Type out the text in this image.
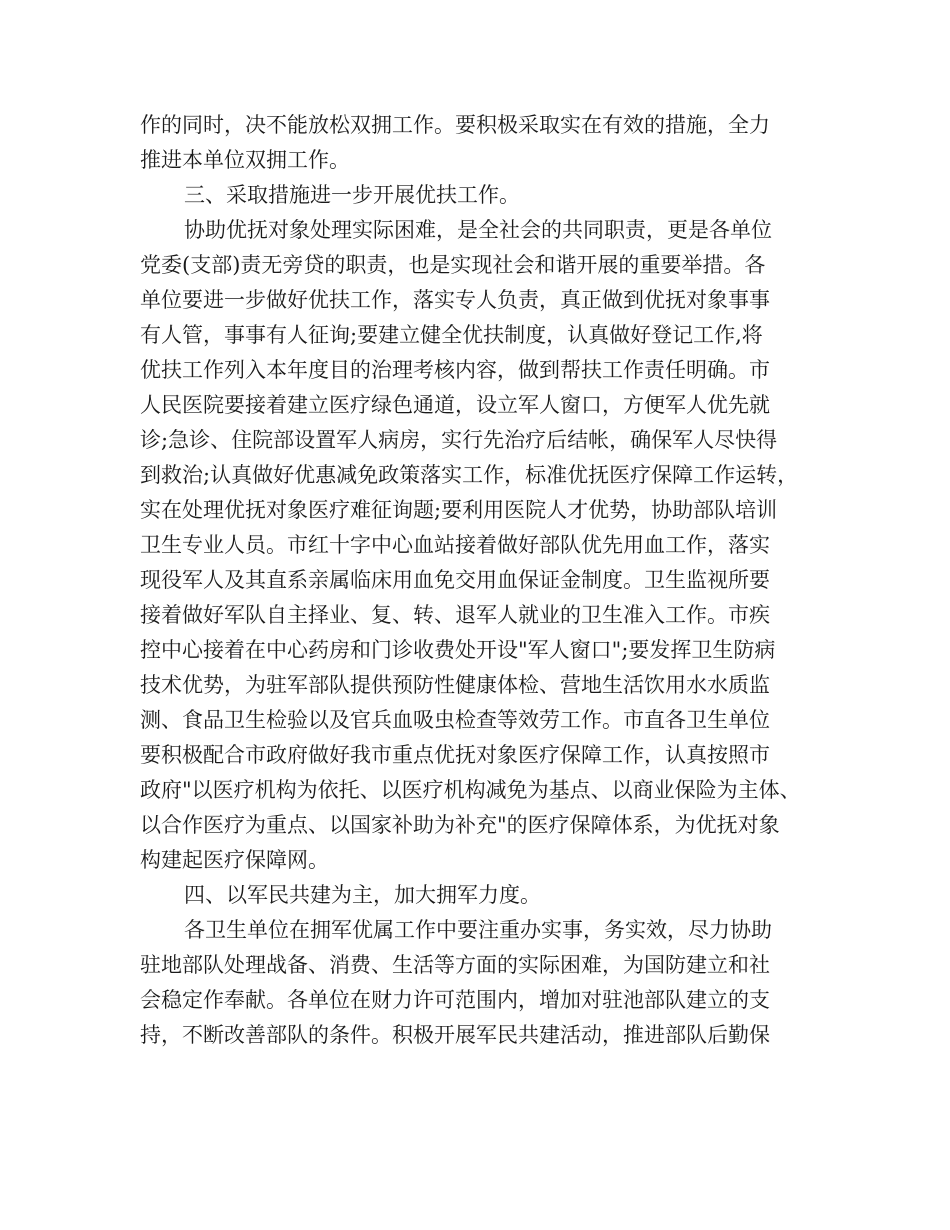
作的同时，决不能放松双拥工作。要积极采取实在有效的措施，全力
推进本单位双拥工作。
三、采取措施进一步开展优扶工作。
协助优抚对象处理实际困难，是全社会的共同职责，更是各单位
党委(支部)责无旁贷的职责，也是实现社会和谐开展的重要举措。各
单位要进一步做好优扶工作，落实专人负责，真正做到优抚对象事事
有人管，事事有人征询;要建立健全优扶制度，认真做好登记工作,将
优扶工作列入本年度目的治理考核内容，做到帮扶工作责任明确。市
人民医院要接着建立医疗绿色通道，设立军人窗口，方便军人优先就
诊;急诊、住院部设置军人病房，实行先治疗后结帐，确保军人尽快得
到救治;认真做好优惠减免政策落实工作，标准优抚医疗保障工作运转，
实在处理优抚对象医疗难征询题;要利用医院人才优势，协助部队培训
卫生专业人员。市红十字中心血站接着做好部队优先用血工作，落实
现役军人及其直系亲属临床用血免交用血保证金制度。卫生监视所要
接着做好军队自主择业、复、转、退军人就业的卫生准入工作。市疾
控中心接着在中心药房和门诊收费处开设"军人窗口";要发挥卫生防病
技术优势，为驻军部队提供预防性健康体检、营地生活饮用水水质监
测、食品卫生检验以及官兵血吸虫检查等效劳工作。市直各卫生单位
要积极配合市政府做好我市重点优抚对象医疗保障工作，认真按照市
政府"以医疗机构为依托、以医疗机构减免为基点、以商业保险为主体、
以合作医疗为重点、以国家补助为补充"的医疗保障体系，为优抚对象
构建起医疗保障网。
四、以军民共建为主，加大拥军力度。
各卫生单位在拥军优属工作中要注重办实事，务实效，尽力协助
驻地部队处理战备、消费、生活等方面的实际困难，为国防建立和社
会稳定作奉献。各单位在财力许可范围内，增加对驻池部队建立的支
持，不断改善部队的条件。积极开展军民共建活动，推进部队后勤保
